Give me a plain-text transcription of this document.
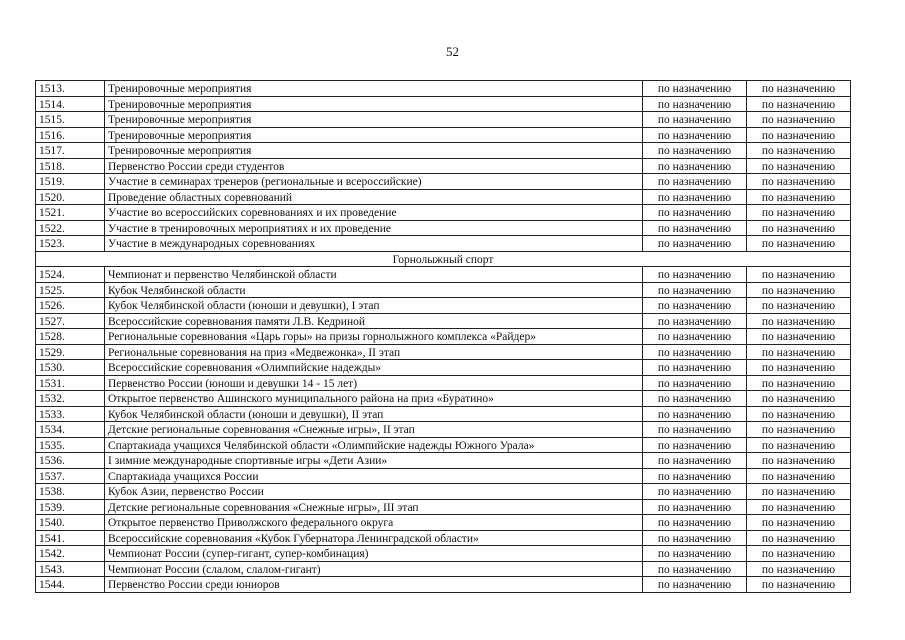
52
1513.	Тренировочные мероприятия	по назначению	по назначению
1514.	Тренировочные мероприятия	по назначению	по назначению
1515.	Тренировочные мероприятия	по назначению	по назначению
1516.	Тренировочные мероприятия	по назначению	по назначению
1517.	Тренировочные мероприятия	по назначению	по назначению
1518.	Первенство России среди студентов	по назначению	по назначению
1519.	Участие в семинарах тренеров (региональные и всероссийские)	по назначению	по назначению
1520.	Проведение областных соревнований	по назначению	по назначению
1521.	Участие во всероссийских соревнованиях и их проведение	по назначению	по назначению
1522.	Участие в тренировочных мероприятиях и их проведение	по назначению	по назначению
1523.	Участие в международных соревнованиях	по назначению	по назначению
Горнолыжный спорт			
1524.	Чемпионат и первенство Челябинской области	по назначению	по назначению
1525.	Кубок Челябинской области	по назначению	по назначению
1526.	Кубок Челябинской области (юноши и девушки), I этап	по назначению	по назначению
1527.	Всероссийские соревнования памяти Л.В. Кедриной	по назначению	по назначению
1528.	Региональные соревнования «Царь горы» на призы горнолыжного комплекса «Райдер»	по назначению	по назначению
1529.	Региональные соревнования на приз «Медвежонка», II этап	по назначению	по назначению
1530.	Всероссийские соревнования «Олимпийские надежды»	по назначению	по назначению
1531.	Первенство России (юноши и девушки 14 - 15 лет)	по назначению	по назначению
1532.	Открытое первенство Ашинского муниципального района на приз «Буратино»	по назначению	по назначению
1533.	Кубок Челябинской области (юноши и девушки), II этап	по назначению	по назначению
1534.	Детские региональные соревнования «Снежные игры», II этап	по назначению	по назначению
1535.	Спартакиада учащихся Челябинской области «Олимпийские надежды Южного Урала»	по назначению	по назначению
1536.	I зимние международные спортивные игры «Дети Азии»	по назначению	по назначению
1537.	Спартакиада учащихся России	по назначению	по назначению
1538.	Кубок Азии, первенство России	по назначению	по назначению
1539.	Детские региональные соревнования «Снежные игры», III этап	по назначению	по назначению
1540.	Открытое первенство Приволжского федерального округа	по назначению	по назначению
1541.	Всероссийские соревнования «Кубок Губернатора Ленинградской области»	по назначению	по назначению
1542.	Чемпионат России (супер-гигант, супер-комбинация)	по назначению	по назначению
1543.	Чемпионат России (слалом, слалом-гигант)	по назначению	по назначению
1544.	Первенство России среди юниоров	по назначению	по назначению
